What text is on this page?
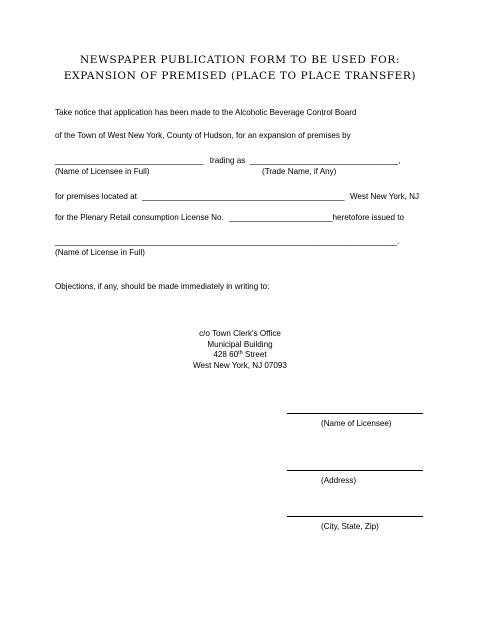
NEWSPAPER PUBLICATION FORM TO BE USED FOR:
EXPANSION OF PREMISED (PLACE TO PLACE TRANSFER)
Take notice that application has been made to the Alcoholic Beverage Control Board
of the Town of West New York, County of Hudson, for an expansion of premises by
_________________________________ trading as _________________________________,
(Name of Licensee in Full)	(Trade Name, if Any)
for premises located at _____________________________________________ West New York, NJ
for the Plenary Retail consumption License No. _______________________heretofore issued to
____________________________________________________________________________.
(Name of License in Full)
Objections, if any, should be made immediately in writing to:
c/o Town Clerk's Office
Municipal Building
428 60th Street
West New York, NJ 07093
(Name of Licensee)
(Address)
(City, State, Zip)
